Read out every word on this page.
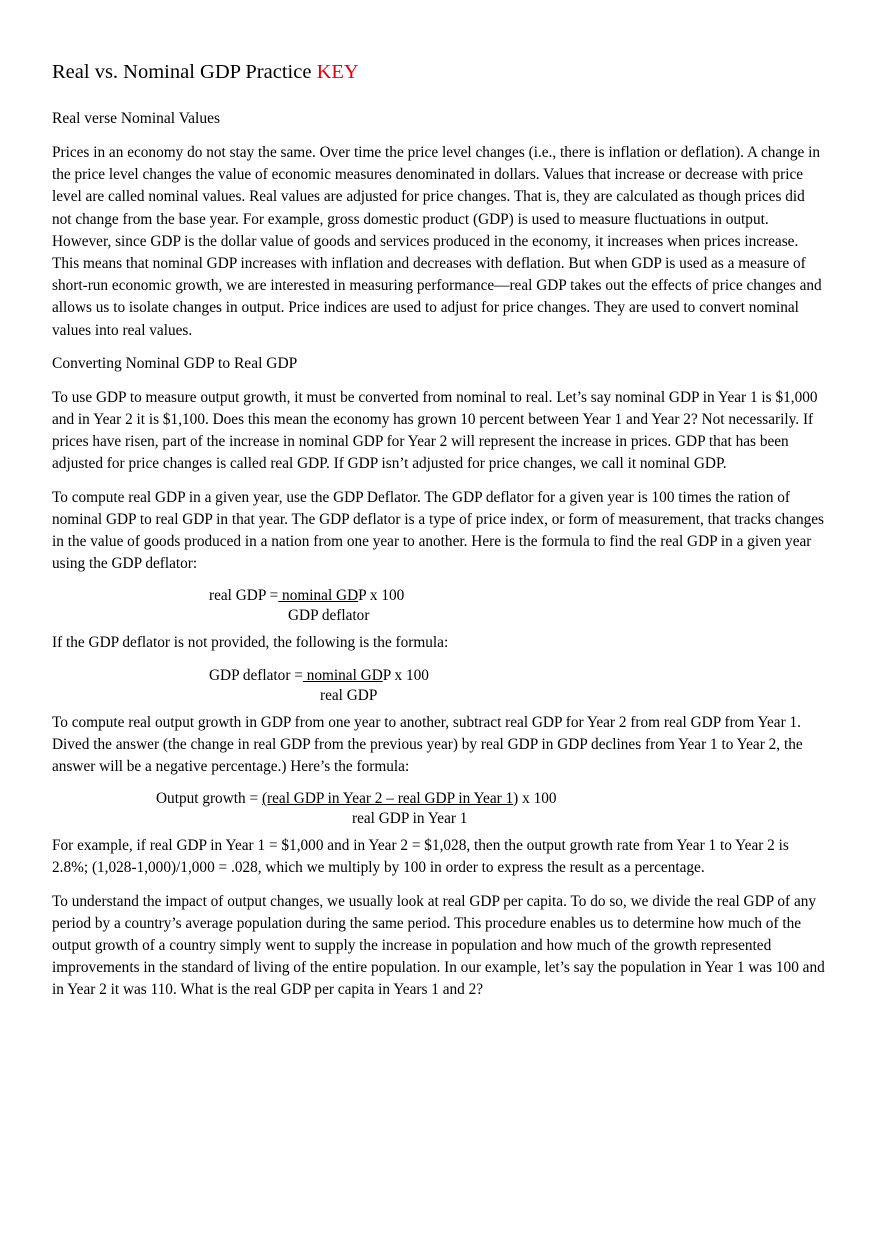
Real vs. Nominal GDP Practice KEY
Real verse Nominal Values

Prices in an economy do not stay the same. Over time the price level changes (i.e., there is inflation or deflation). A change in the price level changes the value of economic measures denominated in dollars. Values that increase or decrease with price level are called nominal values. Real values are adjusted for price changes. That is, they are calculated as though prices did not change from the base year. For example, gross domestic product (GDP) is used to measure fluctuations in output. However, since GDP is the dollar value of goods and services produced in the economy, it increases when prices increase. This means that nominal GDP increases with inflation and decreases with deflation. But when GDP is used as a measure of short-run economic growth, we are interested in measuring performance—real GDP takes out the effects of price changes and allows us to isolate changes in output. Price indices are used to adjust for price changes. They are used to convert nominal values into real values.

Converting Nominal GDP to Real GDP

To use GDP to measure output growth, it must be converted from nominal to real. Let’s say nominal GDP in Year 1 is $1,000 and in Year 2 it is $1,100. Does this mean the economy has grown 10 percent between Year 1 and Year 2? Not necessarily. If prices have risen, part of the increase in nominal GDP for Year 2 will represent the increase in prices. GDP that has been adjusted for price changes is called real GDP. If GDP isn’t adjusted for price changes, we call it nominal GDP.

To compute real GDP in a given year, use the GDP Deflator. The GDP deflator for a given year is 100 times the ration of nominal GDP to real GDP in that year. The GDP deflator is a type of price index, or form of measurement, that tracks changes in the value of goods produced in a nation from one year to another. Here is the formula to find the real GDP in a given year using the GDP deflator:

real GDP = nominal GDP x 100
GDP deflator

If the GDP deflator is not provided, the following is the formula:

GDP deflator = nominal GDP x 100
real GDP

To compute real output growth in GDP from one year to another, subtract real GDP for Year 2 from real GDP from Year 1. Dived the answer (the change in real GDP from the previous year) by real GDP in GDP declines from Year 1 to Year 2, the answer will be a negative percentage.) Here’s the formula:

Output growth = (real GDP in Year 2 – real GDP in Year 1) x 100
real GDP in Year 1

For example, if real GDP in Year 1 = $1,000 and in Year 2 = $1,028, then the output growth rate from Year 1 to Year 2 is 2.8%; (1,028-1,000)/1,000 = .028, which we multiply by 100 in order to express the result as a percentage.

To understand the impact of output changes, we usually look at real GDP per capita. To do so, we divide the real GDP of any period by a country’s average population during the same period. This procedure enables us to determine how much of the output growth of a country simply went to supply the increase in population and how much of the growth represented improvements in the standard of living of the entire population. In our example, let’s say the population in Year 1 was 100 and in Year 2 it was 110. What is the real GDP per capita in Years 1 and 2?
